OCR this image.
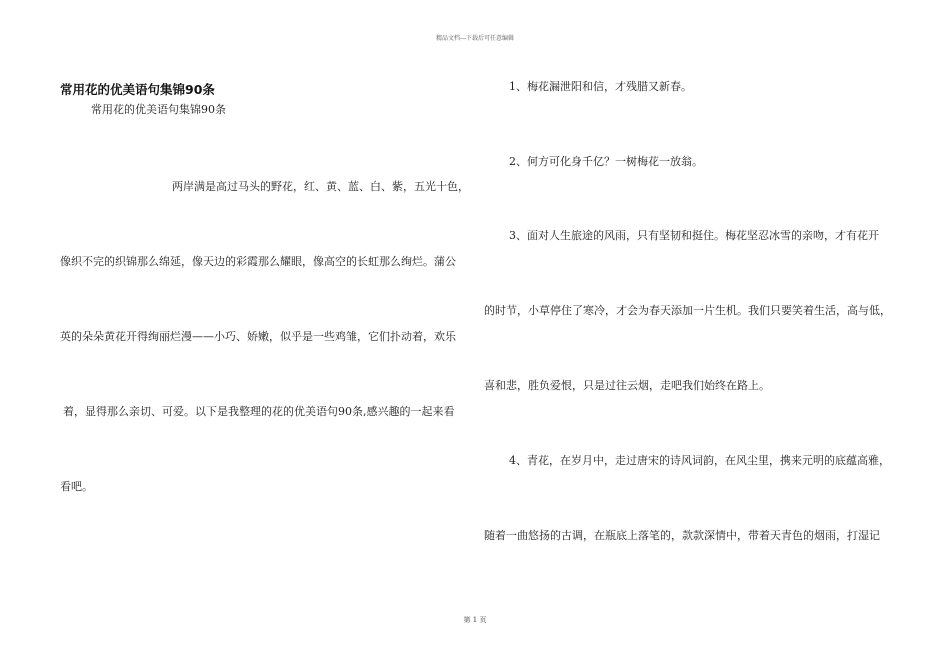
精品文档---下载后可任意编辑
常用花的优美语句集锦90条
常用花的优美语句集锦90条
两岸满是高过马头的野花，红、黄、蓝、白、紫，五光十色，
像织不完的织锦那么绵延，像天边的彩霞那么耀眼，像高空的长虹那么绚烂。蒲公
英的朵朵黄花开得绚丽烂漫——小巧、娇嫩，似乎是一些鸡雏，它们扑动着，欢乐
着，显得那么亲切、可爱。以下是我整理的花的优美语句90条,感兴趣的一起来看
看吧。
1、梅花漏泄阳和信，才残腊又新春。
2、何方可化身千亿？一树梅花一放翁。
3、面对人生旅途的风雨，只有坚韧和挺住。梅花坚忍冰雪的亲吻，才有花开
的时节，小草停住了寒冷，才会为春天添加一片生机。我们只要笑着生活，高与低，
喜和悲，胜负爱恨，只是过往云烟，走吧我们始终在路上。
4、青花，在岁月中，走过唐宋的诗风词韵，在风尘里，携来元明的底蕴高雅，
随着一曲悠扬的古调，在瓶底上落笔的，款款深情中，带着天青色的烟雨，打湿记
第 1 页
